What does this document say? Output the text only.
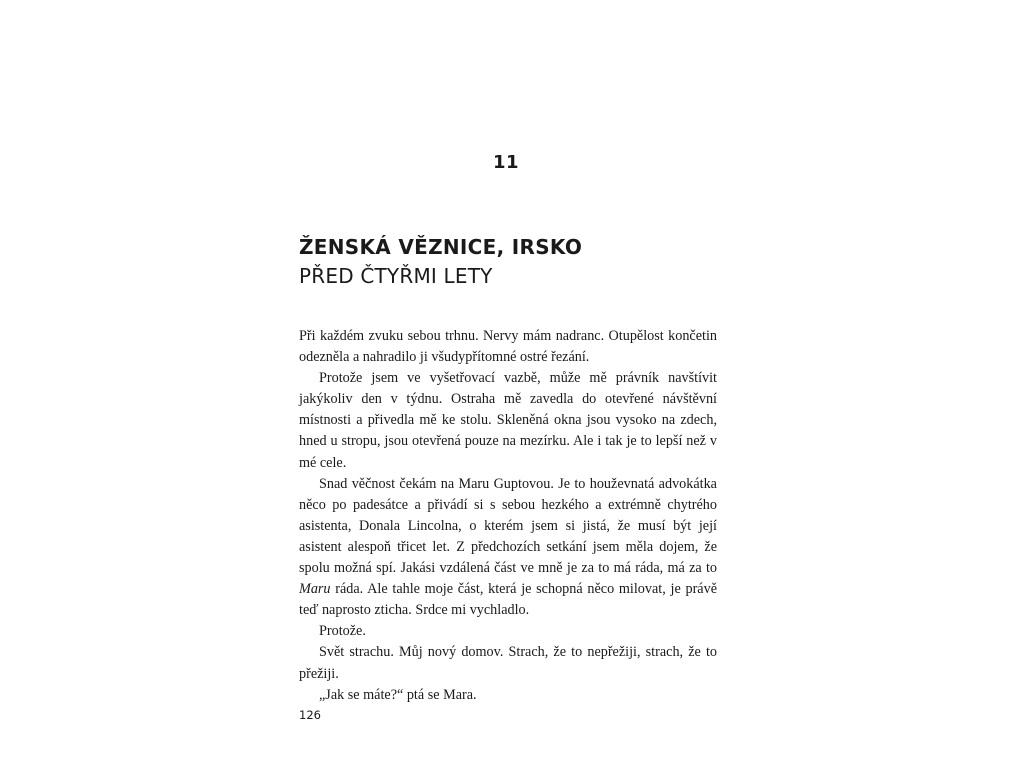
11
ŽENSKÁ VĚZNICE, IRSKO
PŘED ČTYŘMI LETY

Při každém zvuku sebou trhnu. Nervy mám nadranc. Otupělost končetin odezněla a nahradilo ji všudypřítomné ostré řezání.

Protože jsem ve vyšetřovací vazbě, může mě právník navštívit jakýkoliv den v týdnu. Ostraha mě zavedla do otevřené návštěvní místnosti a přivedla mě ke stolu. Skleněná okna jsou vysoko na zdech, hned u stropu, jsou otevřená pouze na mezírku. Ale i tak je to lepší než v mé cele.

Snad věčnost čekám na Maru Guptovou. Je to houževnatá advokátka něco po padesátce a přivádí si s sebou hezkého a extrémně chytrého asistenta, Donala Lincolna, o kterém jsem si jistá, že musí být její asistent alespoň třicet let. Z předchozích setkání jsem měla dojem, že spolu možná spí. Jakási vzdálená část ve mně je za to má ráda, má za to Maru ráda. Ale tahle moje část, která je schopná něco milovat, je právě teď naprosto zticha. Srdce mi vychladlo.

Protože.

Svět strachu. Můj nový domov. Strach, že to nepřežiji, strach, že to přežiji.

„Jak se máte?“ ptá se Mara.

126
